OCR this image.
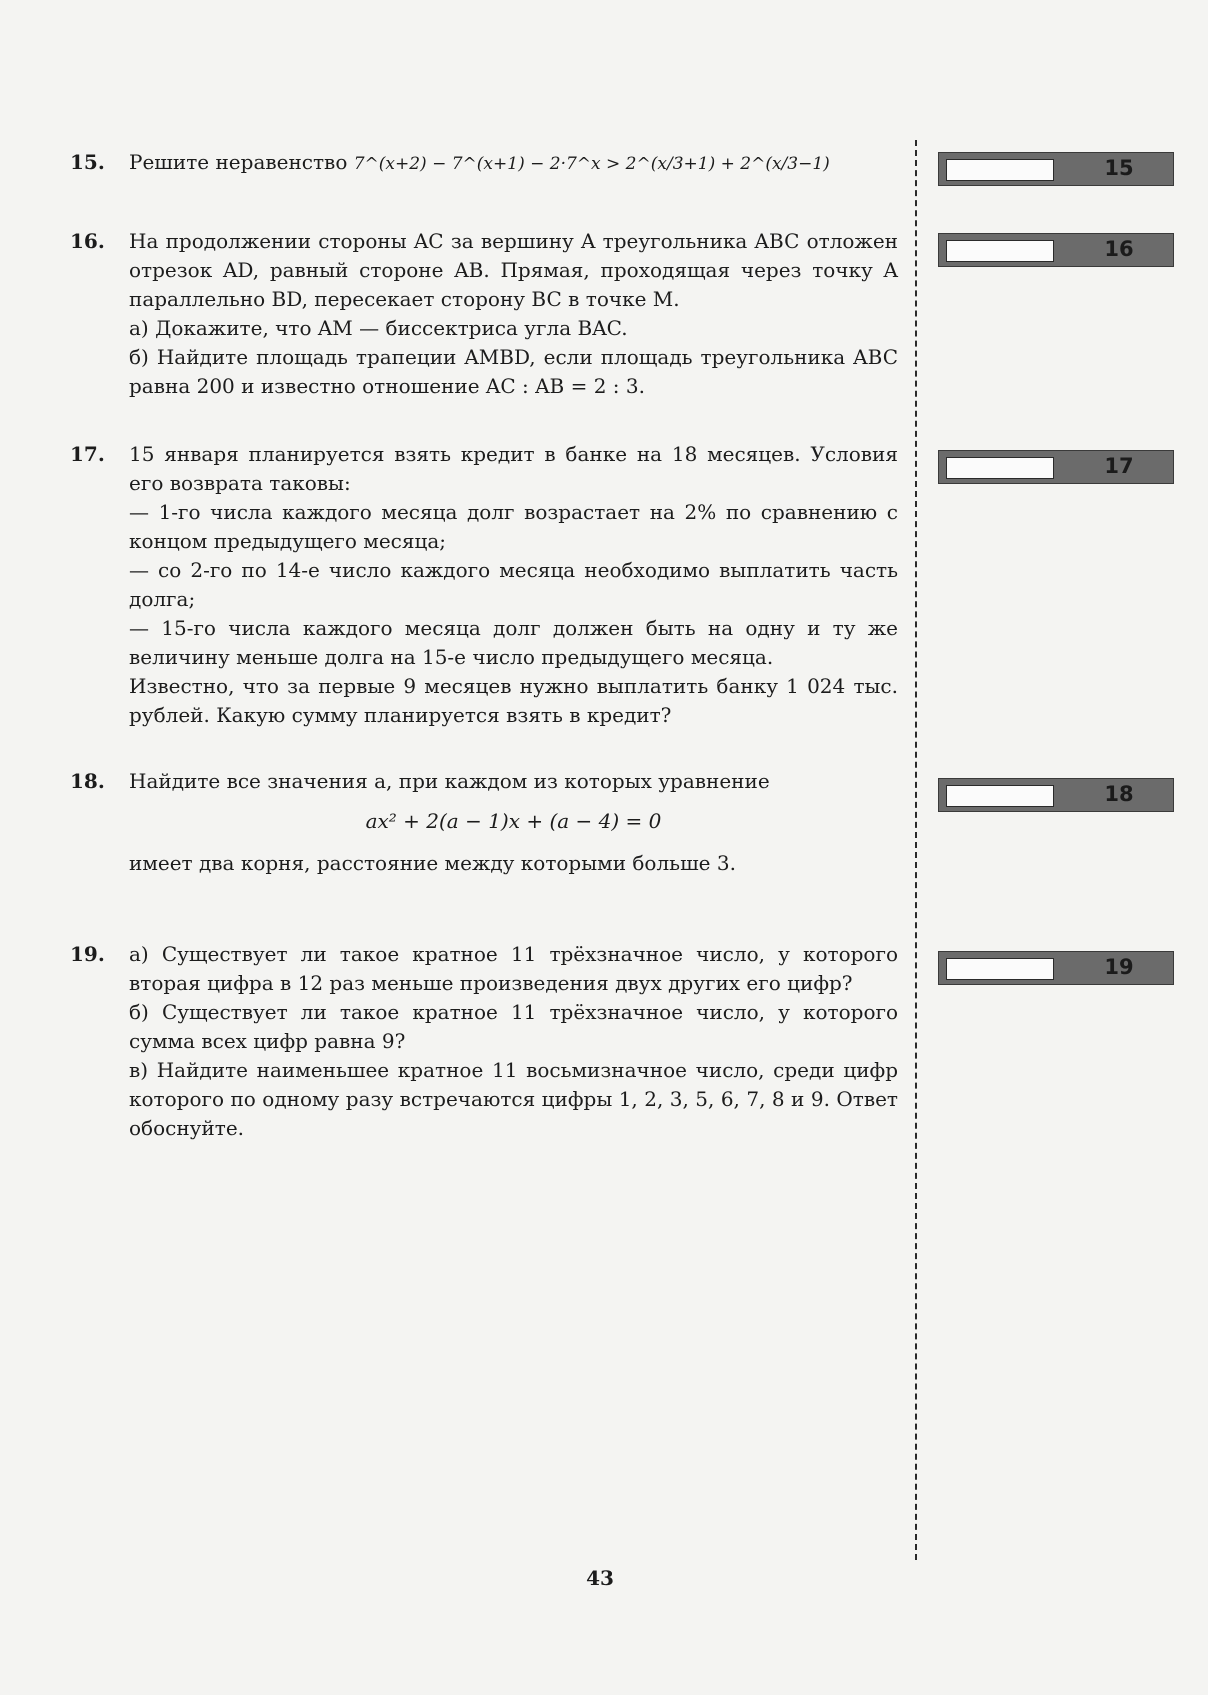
15.	Решите неравенство 7^(x+2) − 7^(x+1) − 2·7^x > 2^(x/3+1) + 2^(x/3−1)

16.	На продолжении стороны AC за вершину A треугольника ABC отложен отрезок AD, равный стороне AB. Прямая, проходящая через точку A параллельно BD, пересекает сторону BC в точке M.

а) Докажите, что AM — биссектриса угла BAC.

б) Найдите площадь трапеции AMBD, если площадь треугольника ABC равна 200 и известно отношение AC : AB = 2 : 3.

17.	15 января планируется взять кредит в банке на 18 месяцев. Условия его возврата таковы:

— 1-го числа каждого месяца долг возрастает на 2% по сравнению с концом предыдущего месяца;

— со 2-го по 14-е число каждого месяца необходимо выплатить часть долга;

— 15-го числа каждого месяца долг должен быть на одну и ту же величину меньше долга на 15-е число предыдущего месяца.

Известно, что за первые 9 месяцев нужно выплатить банку 1 024 тыс. рублей. Какую сумму планируется взять в кредит?

18.	Найдите все значения a, при каждом из которых уравнение

ax² + 2(a − 1)x + (a − 4) = 0

имеет два корня, расстояние между которыми больше 3.

19.	а) Существует ли такое кратное 11 трёхзначное число, у которого вторая цифра в 12 раз меньше произведения двух других его цифр?

б) Существует ли такое кратное 11 трёхзначное число, у которого сумма всех цифр равна 9?

в) Найдите наименьшее кратное 11 восьмизначное число, среди цифр которого по одному разу встречаются цифры 1, 2, 3, 5, 6, 7, 8 и 9. Ответ обоснуйте.

15
16
17
18
19
43
